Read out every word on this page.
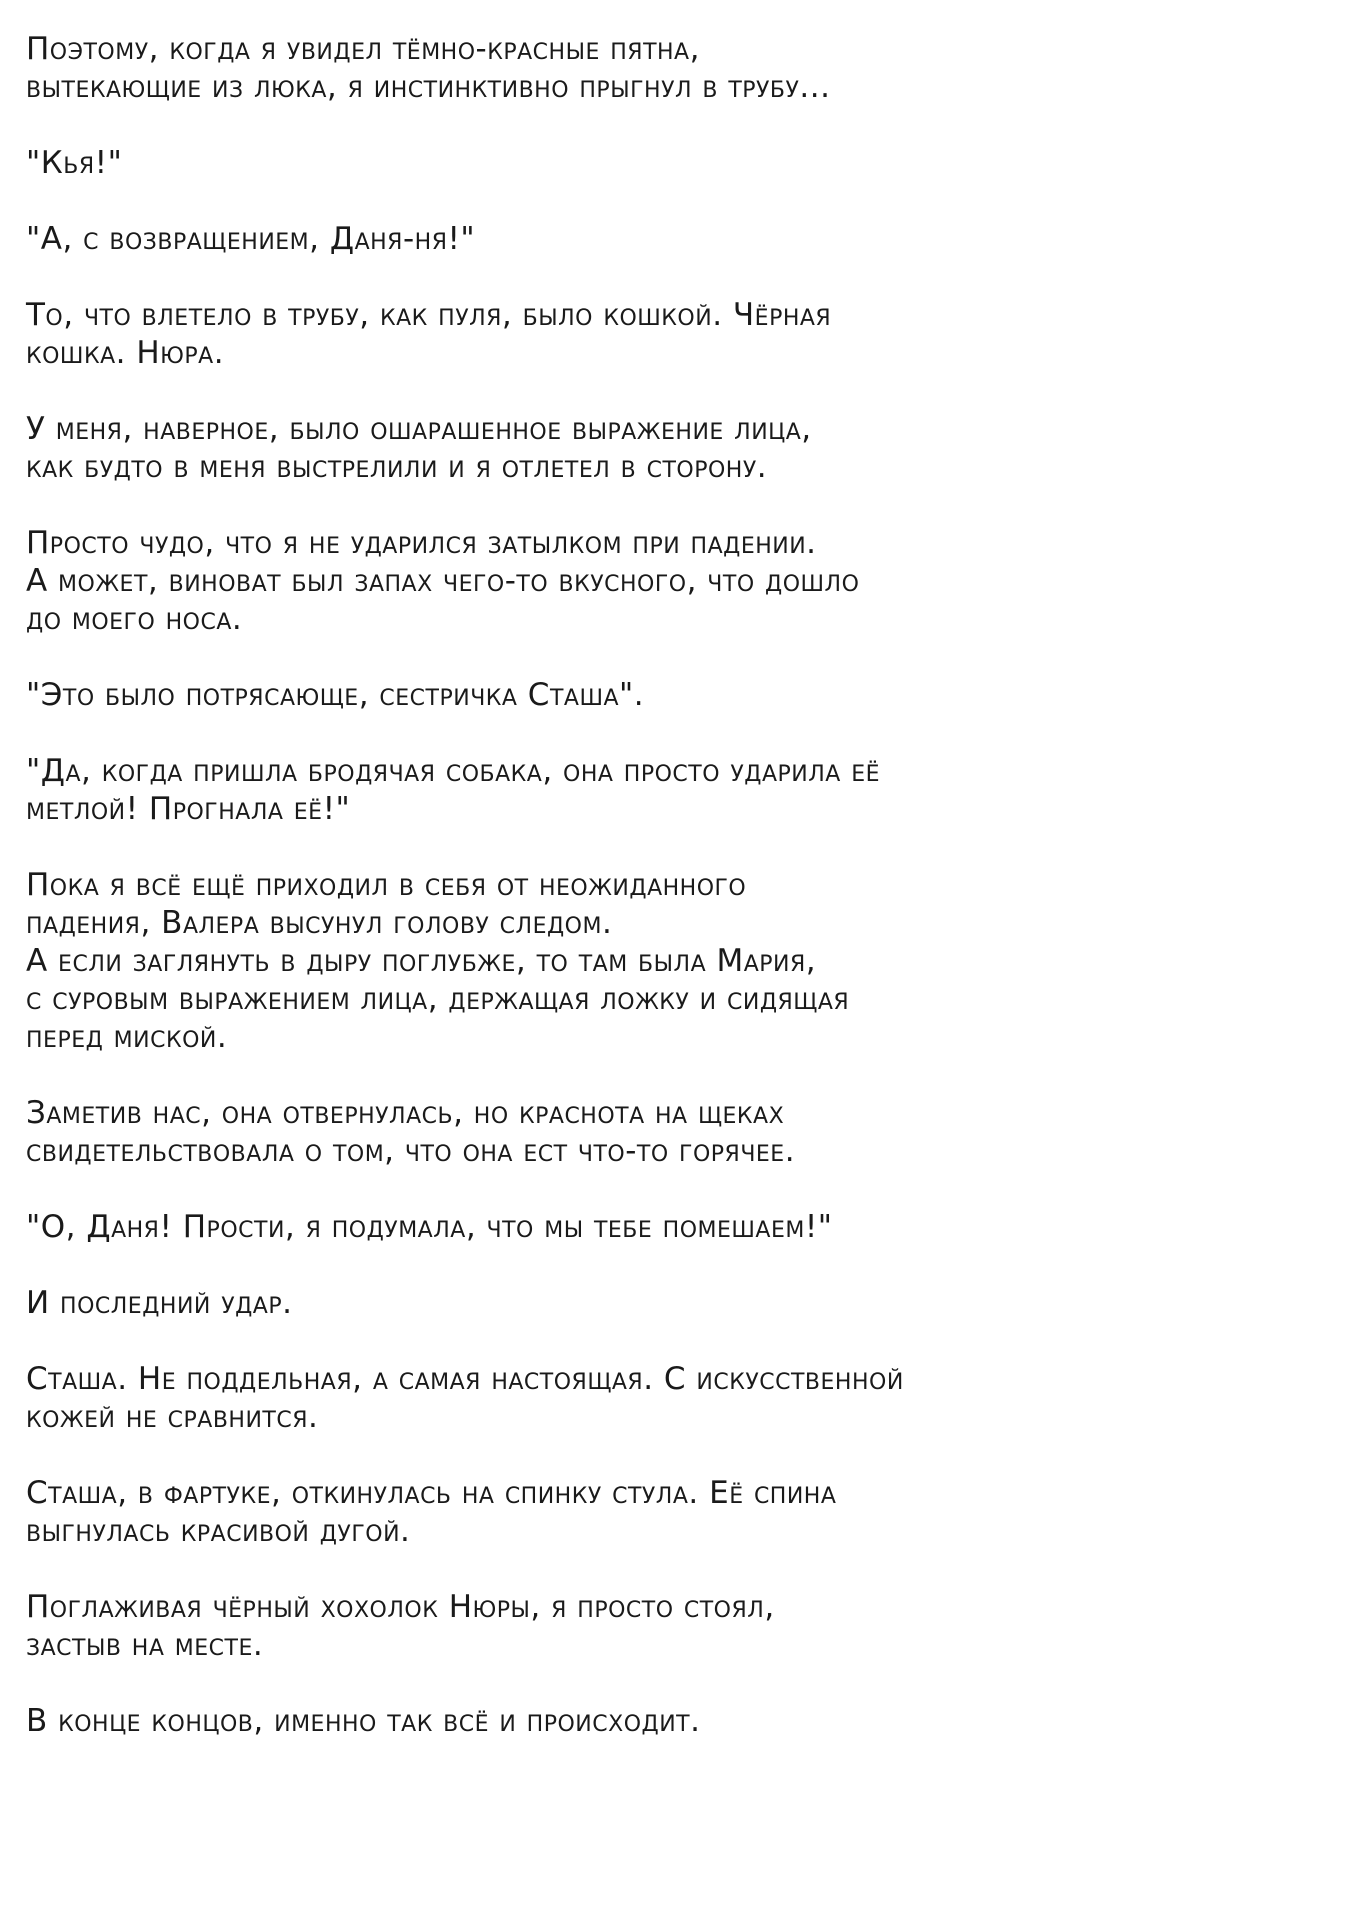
Поэтому, когда я увидел тёмно-красные пятна,
вытекающие из люка, я инстинктивно прыгнул в трубу...
"Кья!"
"А, с возвращением, Даня-ня!"
То, что влетело в трубу, как пуля, было кошкой. Чёрная
кошка. Нюра.
У меня, наверное, было ошарашенное выражение лица,
как будто в меня выстрелили и я отлетел в сторону.
Просто чудо, что я не ударился затылком при падении.
А может, виноват был запах чего-то вкусного, что дошло
до моего носа.
"Это было потрясающе, сестричка Сташа".
"Да, когда пришла бродячая собака, она просто ударила её
метлой! Прогнала её!"
Пока я всё ещё приходил в себя от неожиданного
падения, Валера высунул голову следом.
А если заглянуть в дыру поглубже, то там была Мария,
с суровым выражением лица, держащая ложку и сидящая
перед миской.
Заметив нас, она отвернулась, но краснота на щеках
свидетельствовала о том, что она ест что-то горячее.
"О, Даня! Прости, я подумала, что мы тебе помешаем!"
И последний удар.
Сташа. Не поддельная, а самая настоящая. С искусственной
кожей не сравнится.
Сташа, в фартуке, откинулась на спинку стула. Её спина
выгнулась красивой дугой.
Поглаживая чёрный хохолок Нюры, я просто стоял,
застыв на месте.
В конце концов, именно так всё и происходит.
